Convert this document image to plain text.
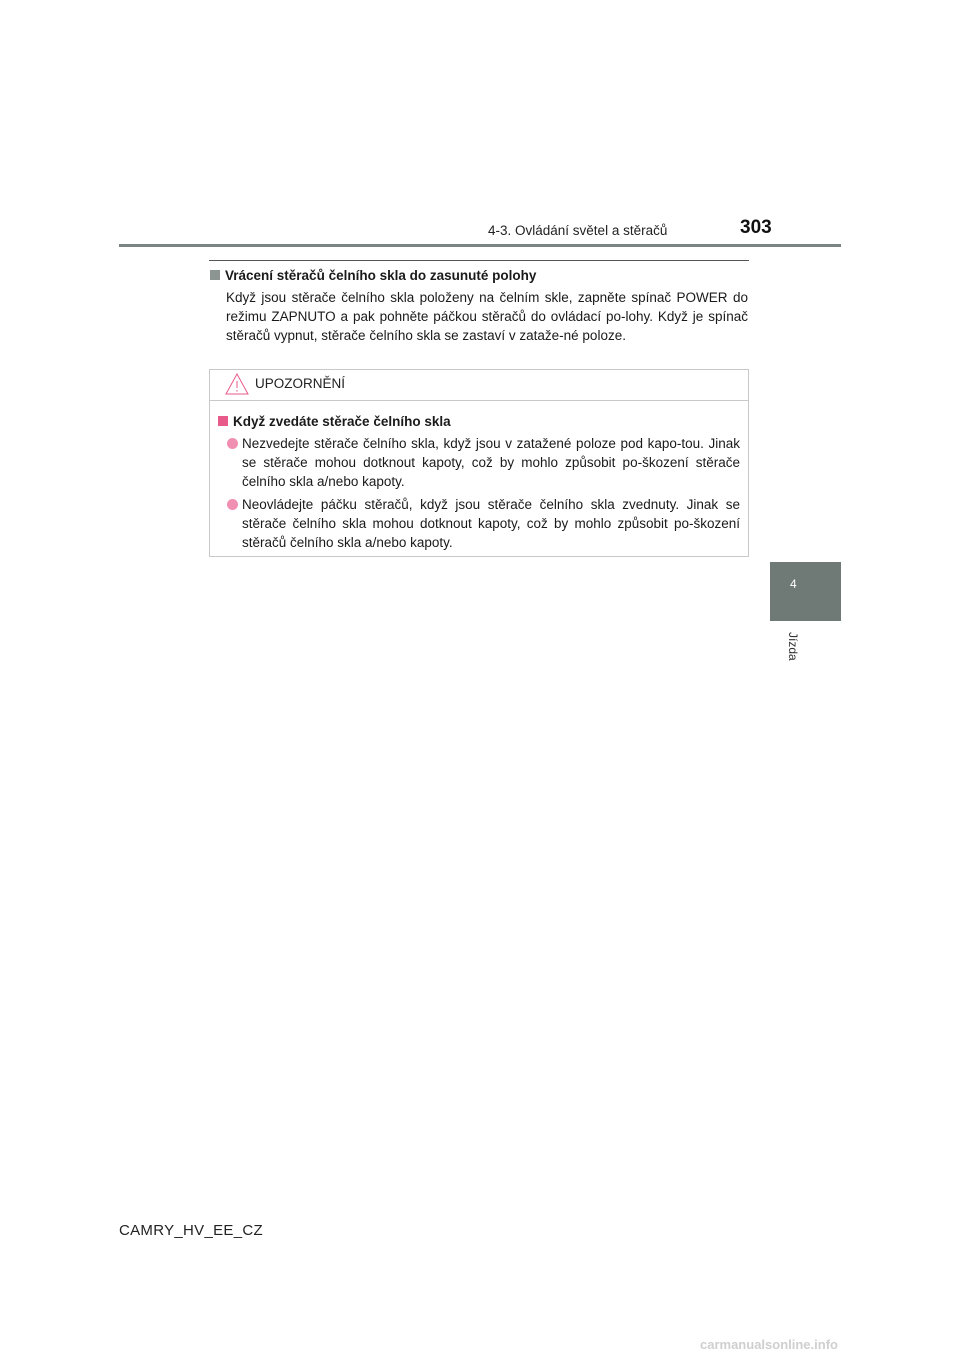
4-3. Ovládání světel a stěračů	303
4
Jízda
Vrácení stěračů čelního skla do zasunuté polohy
Když jsou stěrače čelního skla položeny na čelním skle, zapněte spínač POWER do režimu ZAPNUTO a pak pohněte páčkou stěračů do ovládací po-lohy. Když je spínač stěračů vypnut, stěrače čelního skla se zastaví v zataže-né poloze.
UPOZORNĚNÍ
Když zvedáte stěrače čelního skla
Nezvedejte stěrače čelního skla, když jsou v zatažené poloze pod kapo-tou. Jinak se stěrače mohou dotknout kapoty, což by mohlo způsobit po-škození stěrače čelního skla a/nebo kapoty.
Neovládejte páčku stěračů, když jsou stěrače čelního skla zvednuty. Jinak se stěrače čelního skla mohou dotknout kapoty, což by mohlo způsobit po-škození stěračů čelního skla a/nebo kapoty.
CAMRY_HV_EE_CZ
carmanualsonline.info
